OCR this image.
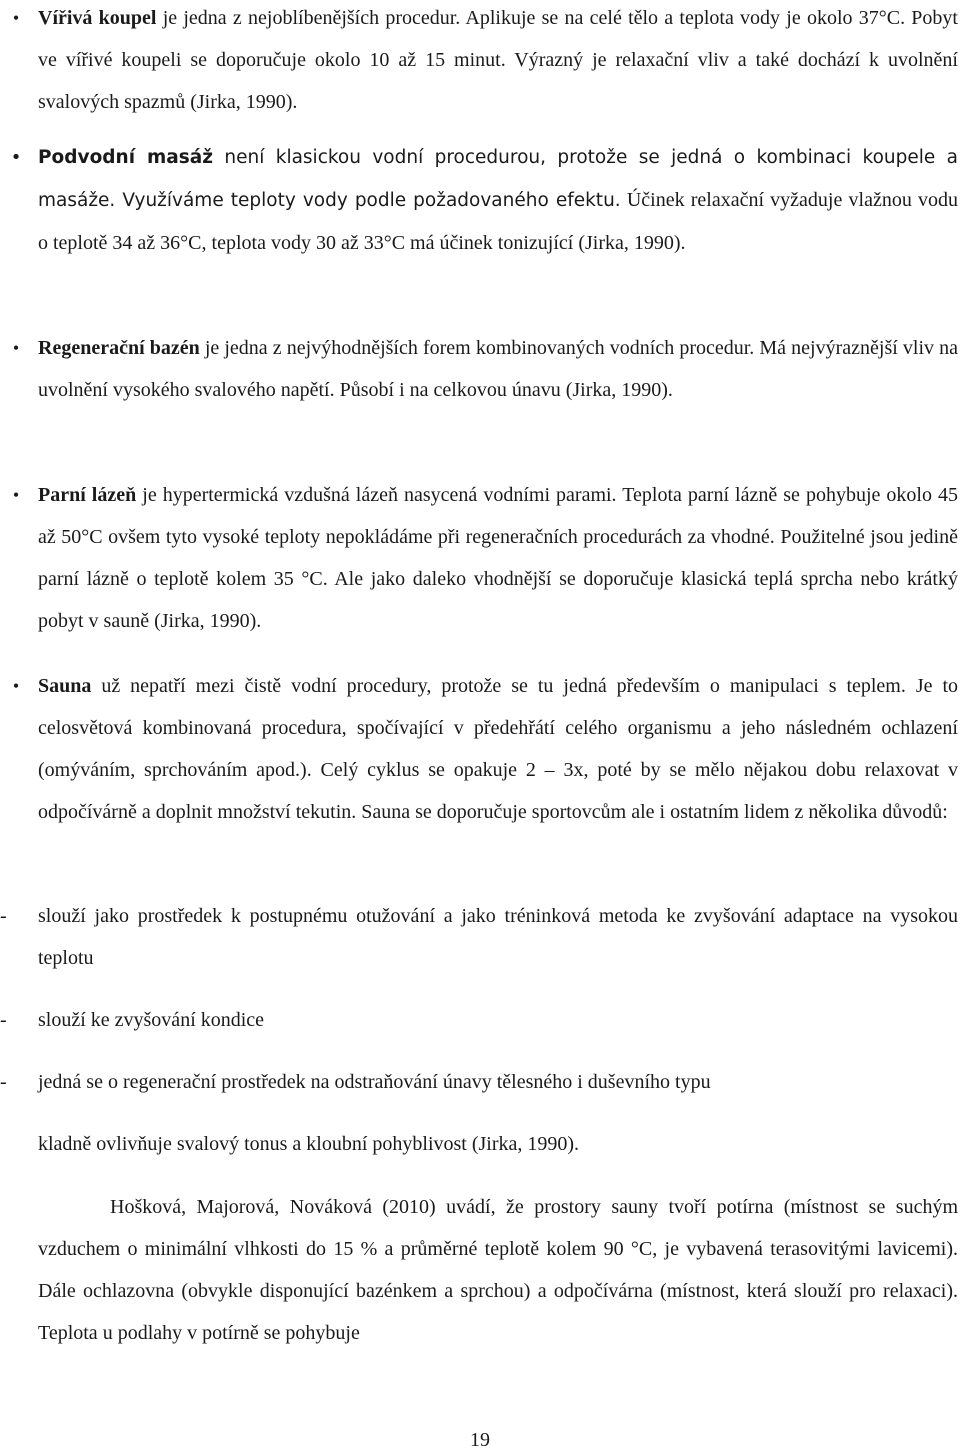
• Vířivá koupel je jedna z nejoblíbenějších procedur. Aplikuje se na celé tělo a teplota vody je okolo 37°C. Pobyt ve vířivé koupeli se doporučuje okolo 10 až 15 minut. Výrazný je relaxační vliv a také dochází k uvolnění svalových spazmů (Jirka, 1990).

• Podvodní masáž není klasickou vodní procedurou, protože se jedná o kombinaci koupele a masáže. Využíváme teploty vody podle požadovaného efektu. Účinek relaxační vyžaduje vlažnou vodu o teplotě 34 až 36°C, teplota vody 30 až 33°C má účinek tonizující (Jirka, 1990).

• Regenerační bazén je jedna z nejvýhodnějších forem kombinovaných vodních procedur. Má nejvýraznější vliv na uvolnění vysokého svalového napětí. Působí i na celkovou únavu (Jirka, 1990).

• Parní lázeň je hypertermická vzdušná lázeň nasycená vodními parami. Teplota parní lázně se pohybuje okolo 45 až 50°C ovšem tyto vysoké teploty nepokládáme při regeneračních procedurách za vhodné. Použitelné jsou jedině parní lázně o teplotě kolem 35 °C. Ale jako daleko vhodnější se doporučuje klasická teplá sprcha nebo krátký pobyt v sauně (Jirka, 1990).

• Sauna už nepatří mezi čistě vodní procedury, protože se tu jedná především o manipulaci s teplem. Je to celosvětová kombinovaná procedura, spočívající v předehřátí celého organismu a jeho následném ochlazení (omýváním, sprchováním apod.). Celý cyklus se opakuje 2 – 3x, poté by se mělo nějakou dobu relaxovat v odpočívárně a doplnit množství tekutin. Sauna se doporučuje sportovcům ale i ostatním lidem z několika důvodů:

-	slouží jako prostředek k postupnému otužování a jako tréninková metoda ke zvyšování adaptace na vysokou teplotu

-	slouží ke zvyšování kondice

-	jedná se o regenerační prostředek na odstraňování únavy tělesného i duševního typu

kladně ovlivňuje svalový tonus a kloubní pohyblivost (Jirka, 1990).

Hošková, Majorová, Nováková (2010) uvádí, že prostory sauny tvoří potírna (místnost se suchým vzduchem o minimální vlhkosti do 15 % a průměrné teplotě kolem 90 °C, je vybavená terasovitými lavicemi). Dále ochlazovna (obvykle disponující bazénkem a sprchou) a odpočívárna (místnost, která slouží pro relaxaci). Teplota u podlahy v potírně se pohybuje

19
